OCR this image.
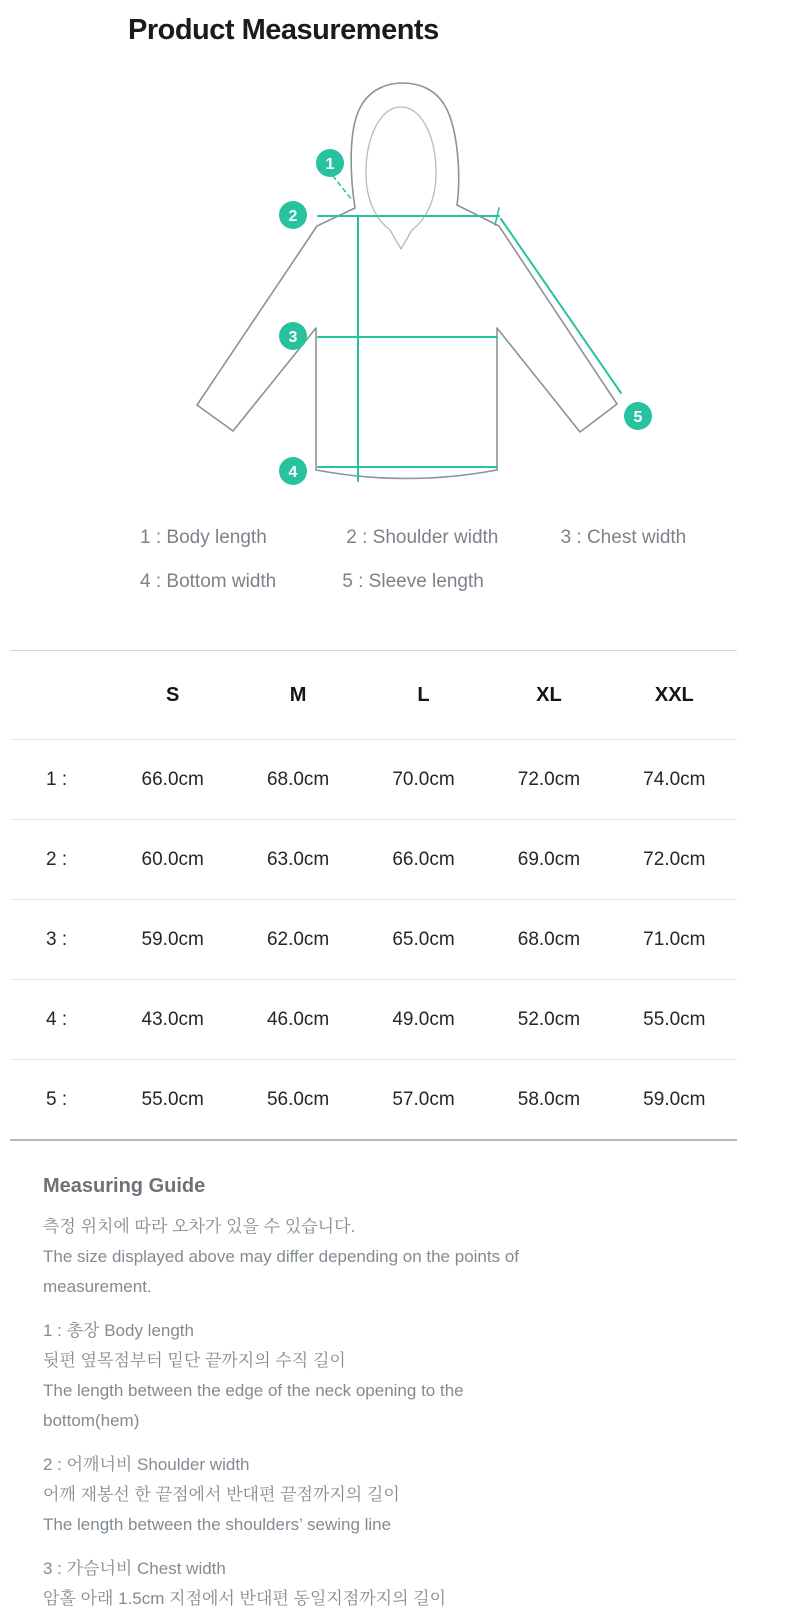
Product Measurements
1
2
3
4
5
1 : Body length	2 : Shoulder width	3 : Chest width
4 : Bottom width	5 : Sleeve length
S	M	L	XL	XXL
1 :	66.0cm	68.0cm	70.0cm	72.0cm	74.0cm
2 :	60.0cm	63.0cm	66.0cm	69.0cm	72.0cm
3 :	59.0cm	62.0cm	65.0cm	68.0cm	71.0cm
4 :	43.0cm	46.0cm	49.0cm	52.0cm	55.0cm
5 :	55.0cm	56.0cm	57.0cm	58.0cm	59.0cm
Measuring Guide
측정 위치에 따라 오차가 있을 수 있습니다.
The size displayed above may differ depending on the points of
measurement.
1 : 총장 Body length
뒷편 옆목점부터 밑단 끝까지의 수직 길이
The length between the edge of the neck opening to the
bottom(hem)
2 : 어깨너비 Shoulder width
어깨 재봉선 한 끝점에서 반대편 끝점까지의 길이
The length between the shoulders’ sewing line
3 : 가슴너비 Chest width
암홀 아래 1.5cm 지점에서 반대편 동일지점까지의 길이
